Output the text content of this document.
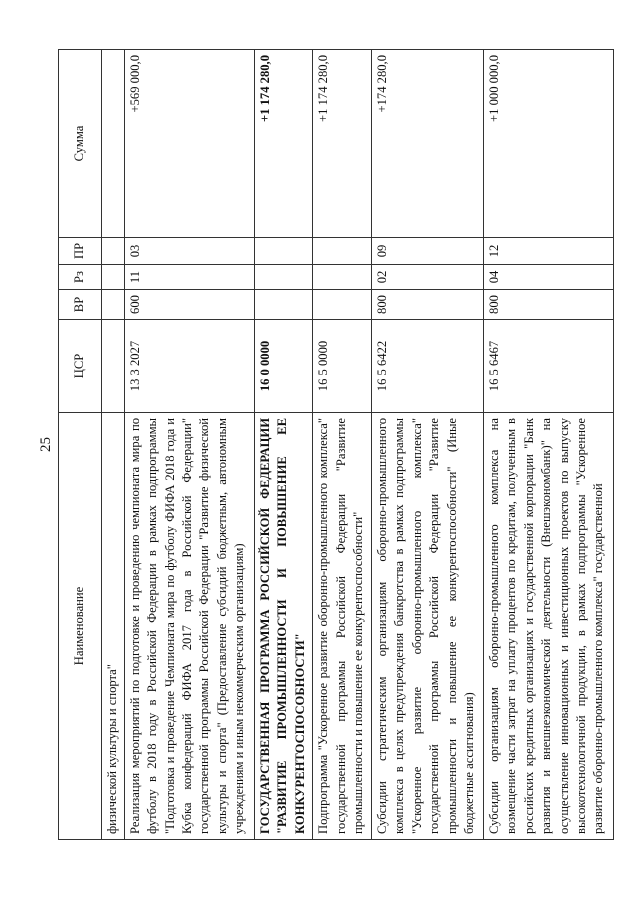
25
Наименование	ЦСР	ВР	Рз	ПР	Сумма
физической культуры и спорта"					
Реализация мероприятий по подготовке и проведению чемпионата мира по футболу в 2018 году в Российской Федерации в рамках подпрограммы "Подготовка и проведение Чемпионата мира по футболу ФИФА 2018 года и Кубка конфедераций ФИФА 2017 года в Российской Федерации" государственной программы Российской Федерации "Развитие физической культуры и спорта" (Предоставление субсидий бюджетным, автономным учреждениям и иным некоммерческим организациям)	13 3 2027	600	11	03	+569 000,0
ГОСУДАРСТВЕННАЯ ПРОГРАММА РОССИЙСКОЙ ФЕДЕРАЦИИ "РАЗВИТИЕ ПРОМЫШЛЕННОСТИ И ПОВЫШЕНИЕ ЕЕ КОНКУРЕНТОСПОСОБНОСТИ"	16 0 0000				+1 174 280,0
Подпрограмма "Ускоренное развитие оборонно-промышленного комплекса" государственной программы Российской Федерации "Развитие промышленности и повышение ее конкурентоспособности"	16 5 0000				+1 174 280,0
Субсидии стратегическим организациям оборонно-промышленного комплекса в целях предупреждения банкротства в рамках подпрограммы "Ускоренное развитие оборонно-промышленного комплекса" государственной программы Российской Федерации "Развитие промышленности и повышение ее конкурентоспособности" (Иные бюджетные ассигнования)	16 5 6422	800	02	09	+174 280,0
Субсидии организациям оборонно-промышленного комплекса на возмещение части затрат на уплату процентов по кредитам, полученным в российских кредитных организациях и государственной корпорации "Банк развития и внешнеэкономической деятельности (Внешэкономбанк)" на осуществление инновационных и инвестиционных проектов по выпуску высокотехнологичной продукции, в рамках подпрограммы "Ускоренное развитие оборонно-промышленного комплекса" государственной	16 5 6467	800	04	12	+1 000 000,0
